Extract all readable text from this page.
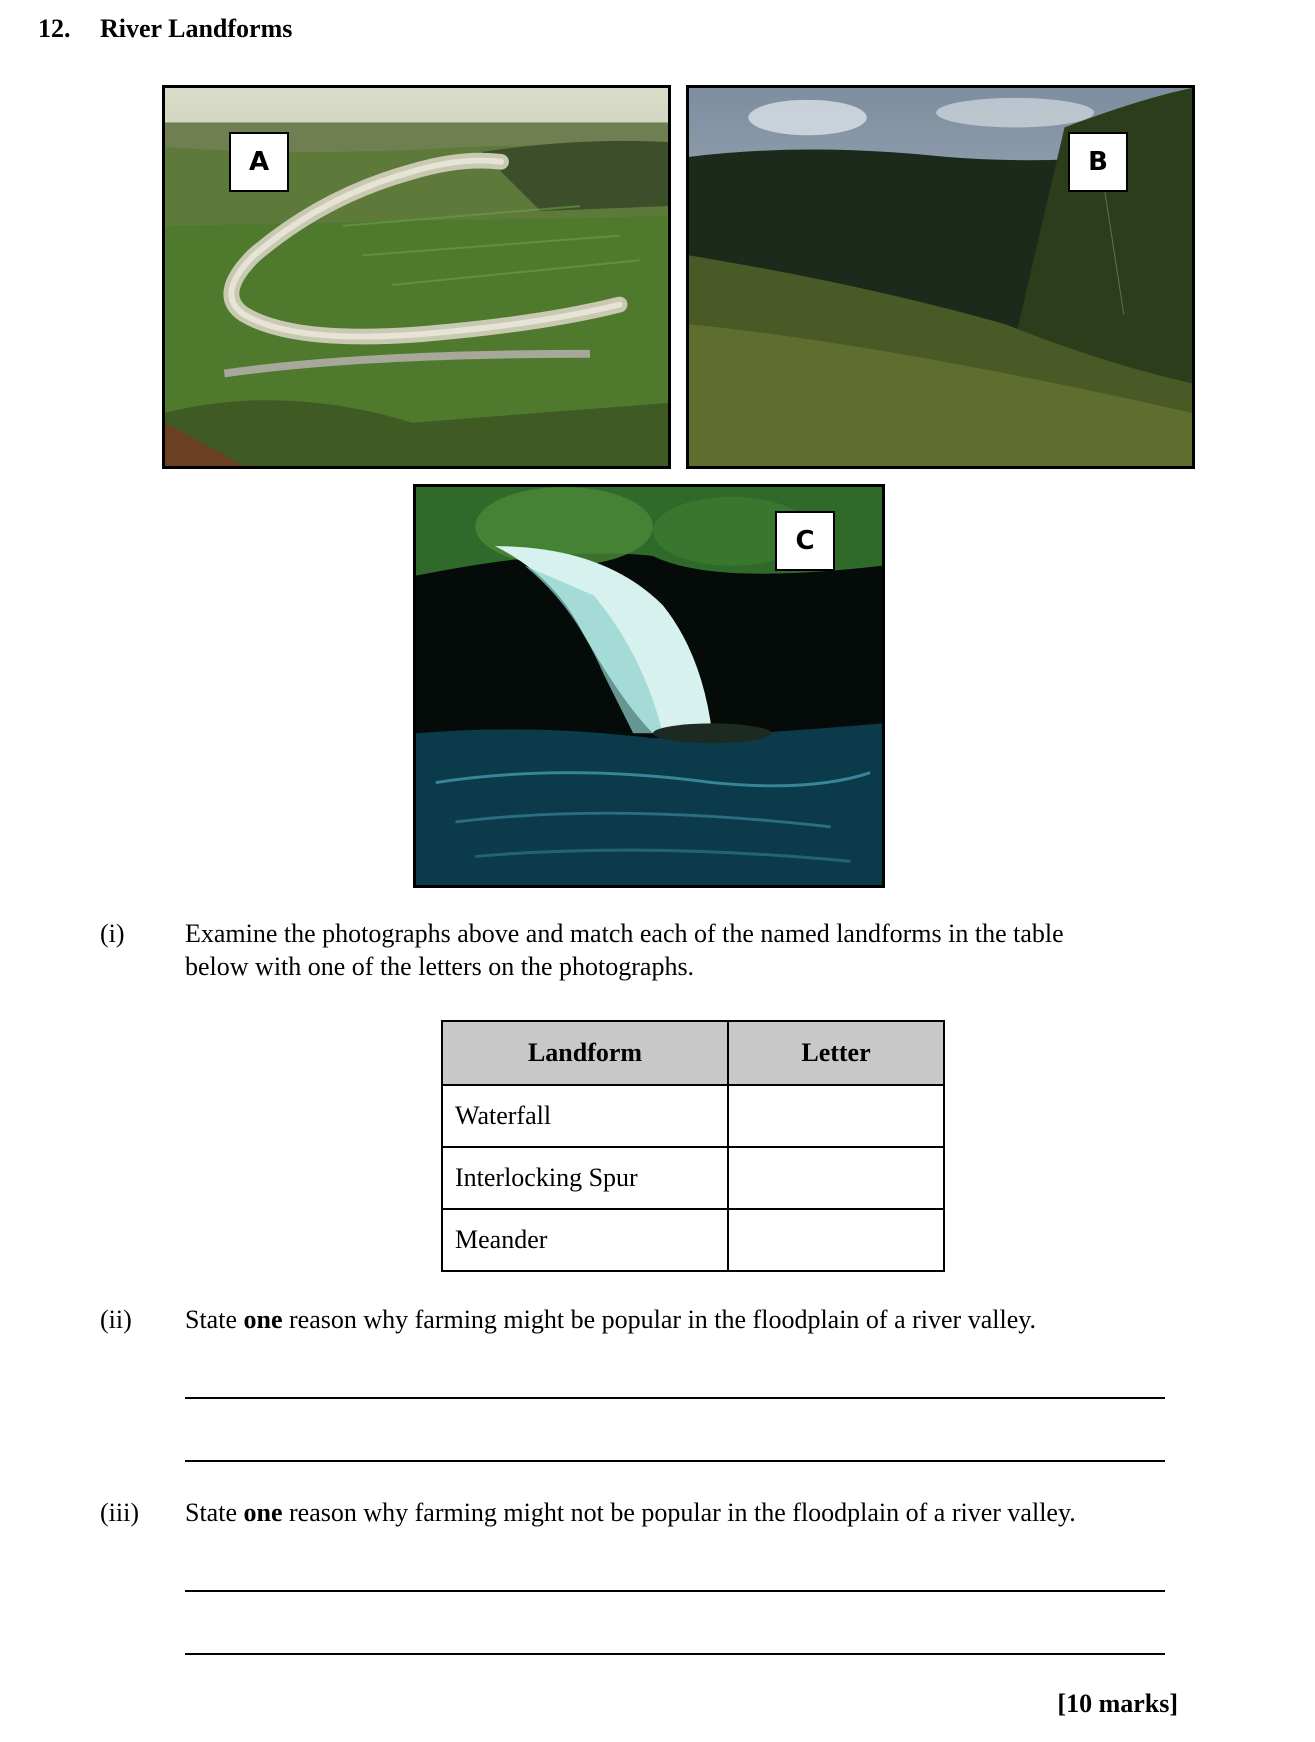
12. River Landforms
A	B
C
(i) Examine the photographs above and match each of the named landforms in the table
below with one of the letters on the photographs.
Landform	Letter
Waterfall	
Interlocking Spur	
Meander	
(ii) State one reason why farming might be popular in the floodplain of a river valley.
(iii) State one reason why farming might not be popular in the floodplain of a river valley.
[10 marks]
